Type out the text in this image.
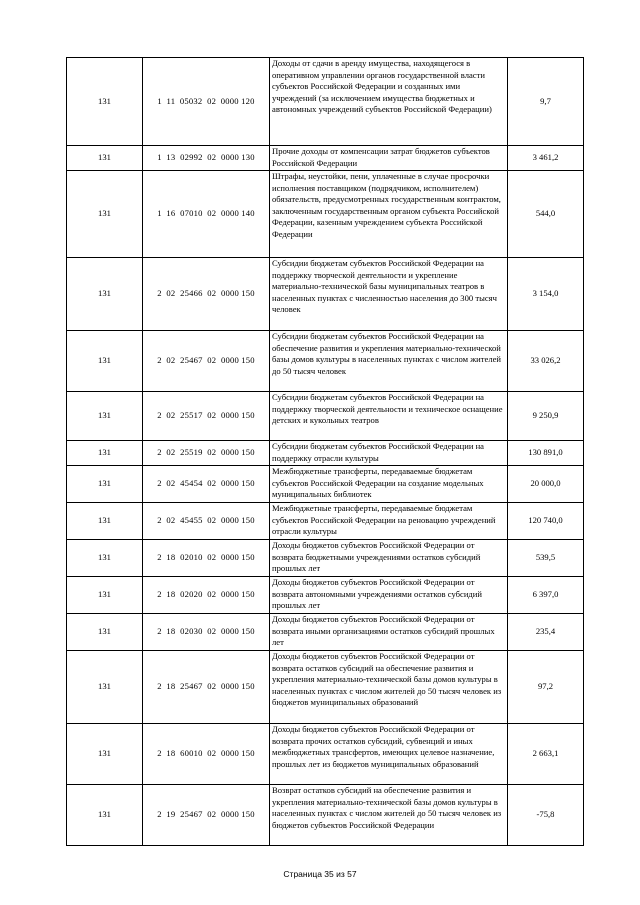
131	1  11  05032  02  0000 120	Доходы от сдачи в аренду имущества, находящегося в оперативном управлении органов государственной власти субъектов Российской Федерации и созданных ими учреждений (за исключением имущества бюджетных и автономных учреждений субъектов Российской Федерации)	9,7
131	1  13  02992  02  0000 130	Прочие доходы от компенсации затрат бюджетов субъектов Российской Федерации	3 461,2
131	1  16  07010  02  0000 140	Штрафы, неустойки, пени, уплаченные в случае просрочки исполнения поставщиком (подрядчиком, исполнителем) обязательств, предусмотренных государственным контрактом, заключенным государственным органом субъекта Российской Федерации, казенным учреждением субъекта Российской Федерации	544,0
131	2  02  25466  02  0000 150	Субсидии бюджетам субъектов Российской Федерации на поддержку творческой деятельности и укрепление материально-технической базы муниципальных театров в населенных пунктах с численностью населения до 300 тысяч человек	3 154,0
131	2  02  25467  02  0000 150	Субсидии бюджетам субъектов Российской Федерации на обеспечение развития и укрепления материально-технической базы домов культуры в населенных пунктах с числом жителей до 50 тысяч человек	33 026,2
131	2  02  25517  02  0000 150	Субсидии бюджетам субъектов Российской Федерации на поддержку творческой деятельности и техническое оснащение детских и кукольных театров	9 250,9
131	2  02  25519  02  0000 150	Субсидии бюджетам субъектов Российской Федерации на поддержку отрасли культуры	130 891,0
131	2  02  45454  02  0000 150	Межбюджетные трансферты, передаваемые бюджетам субъектов Российской Федерации на создание модельных муниципальных библиотек	20 000,0
131	2  02  45455  02  0000 150	Межбюджетные трансферты, передаваемые бюджетам субъектов Российской Федерации на реновацию учреждений отрасли культуры	120 740,0
131	2  18  02010  02  0000 150	Доходы бюджетов субъектов Российской Федерации от возврата бюджетными учреждениями остатков субсидий прошлых лет	539,5
131	2  18  02020  02  0000 150	Доходы бюджетов субъектов Российской Федерации от возврата автономными учреждениями остатков субсидий прошлых лет	6 397,0
131	2  18  02030  02  0000 150	Доходы бюджетов субъектов Российской Федерации от возврата иными организациями остатков субсидий прошлых лет	235,4
131	2  18  25467  02  0000 150	Доходы бюджетов субъектов Российской Федерации от возврата остатков субсидий на обеспечение развития и укрепления материально-технической базы домов культуры в населенных пунктах с числом жителей до 50 тысяч человек из бюджетов муниципальных образований	97,2
131	2  18  60010  02  0000 150	Доходы бюджетов субъектов Российской Федерации от возврата прочих остатков субсидий, субвенций и иных межбюджетных трансфертов, имеющих целевое назначение, прошлых лет из бюджетов муниципальных образований	2 663,1
131	2  19  25467  02  0000 150	Возврат остатков субсидий на обеспечение развития и укрепления материально-технической базы домов культуры в населенных пунктах с числом жителей до 50 тысяч человек из бюджетов субъектов Российской Федерации	-75,8
Страница 35 из 57
